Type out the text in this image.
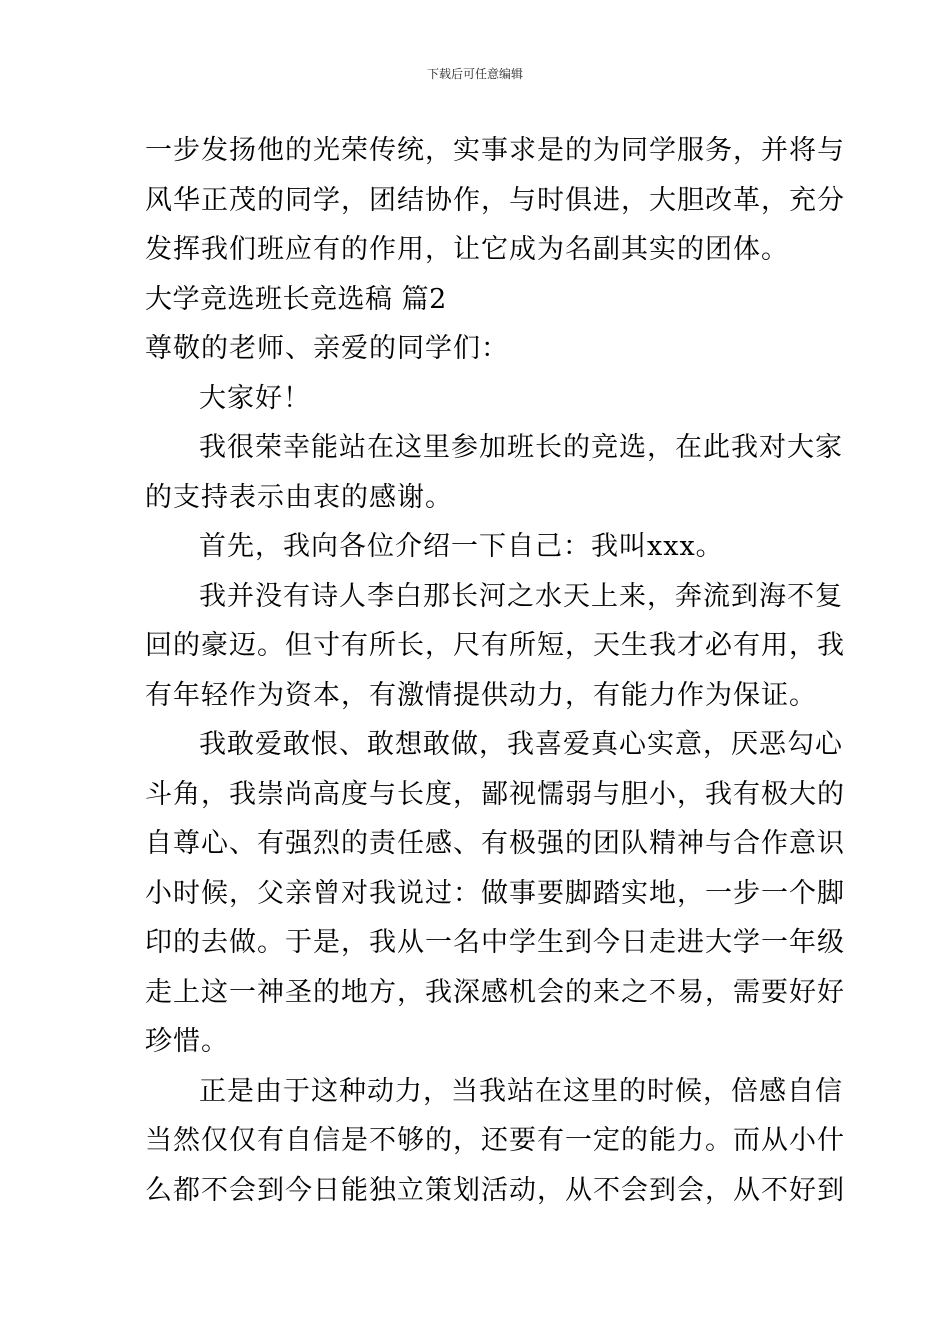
下载后可任意编辑
一步发扬他的光荣传统，实事求是的为同学服务，并将与
风华正茂的同学，团结协作，与时俱进，大胆改革，充分
发挥我们班应有的作用，让它成为名副其实的团体。
大学竞选班长竞选稿 篇2
尊敬的老师、亲爱的同学们：
大家好！
我很荣幸能站在这里参加班长的竞选，在此我对大家
的支持表示由衷的感谢。
首先，我向各位介绍一下自己：我叫xxx。
我并没有诗人李白那长河之水天上来，奔流到海不复
回的豪迈。但寸有所长，尺有所短，天生我才必有用，我
有年轻作为资本，有激情提供动力，有能力作为保证。
我敢爱敢恨、敢想敢做，我喜爱真心实意，厌恶勾心
斗角，我崇尚高度与长度，鄙视懦弱与胆小，我有极大的
自尊心、有强烈的责任感、有极强的团队精神与合作意识
小时候，父亲曾对我说过：做事要脚踏实地，一步一个脚
印的去做。于是，我从一名中学生到今日走进大学一年级
走上这一神圣的地方，我深感机会的来之不易，需要好好
珍惜。
正是由于这种动力，当我站在这里的时候，倍感自信
当然仅仅有自信是不够的，还要有一定的能力。而从小什
么都不会到今日能独立策划活动，从不会到会，从不好到
